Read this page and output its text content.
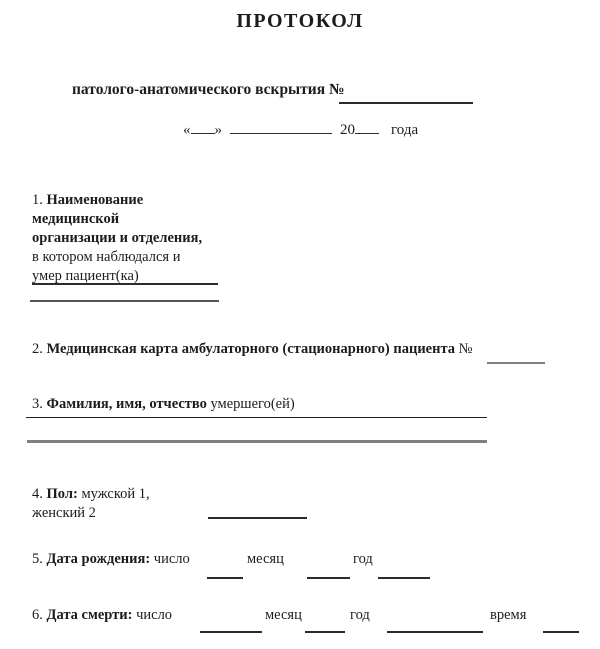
ПРОТОКОЛ
патолого-анатомического вскрытия №
« »	20 года
1. Наименование
медицинской
организации и отделения,
в котором наблюдался и
умер пациент(ка)
2. Медицинская карта амбулаторного (стационарного) пациента №
3. Фамилия, имя, отчество умершего(ей)
4. Пол: мужской 1,
женский 2
5. Дата рождения: число	месяц	год
6. Дата смерти: число	месяц	год	время
